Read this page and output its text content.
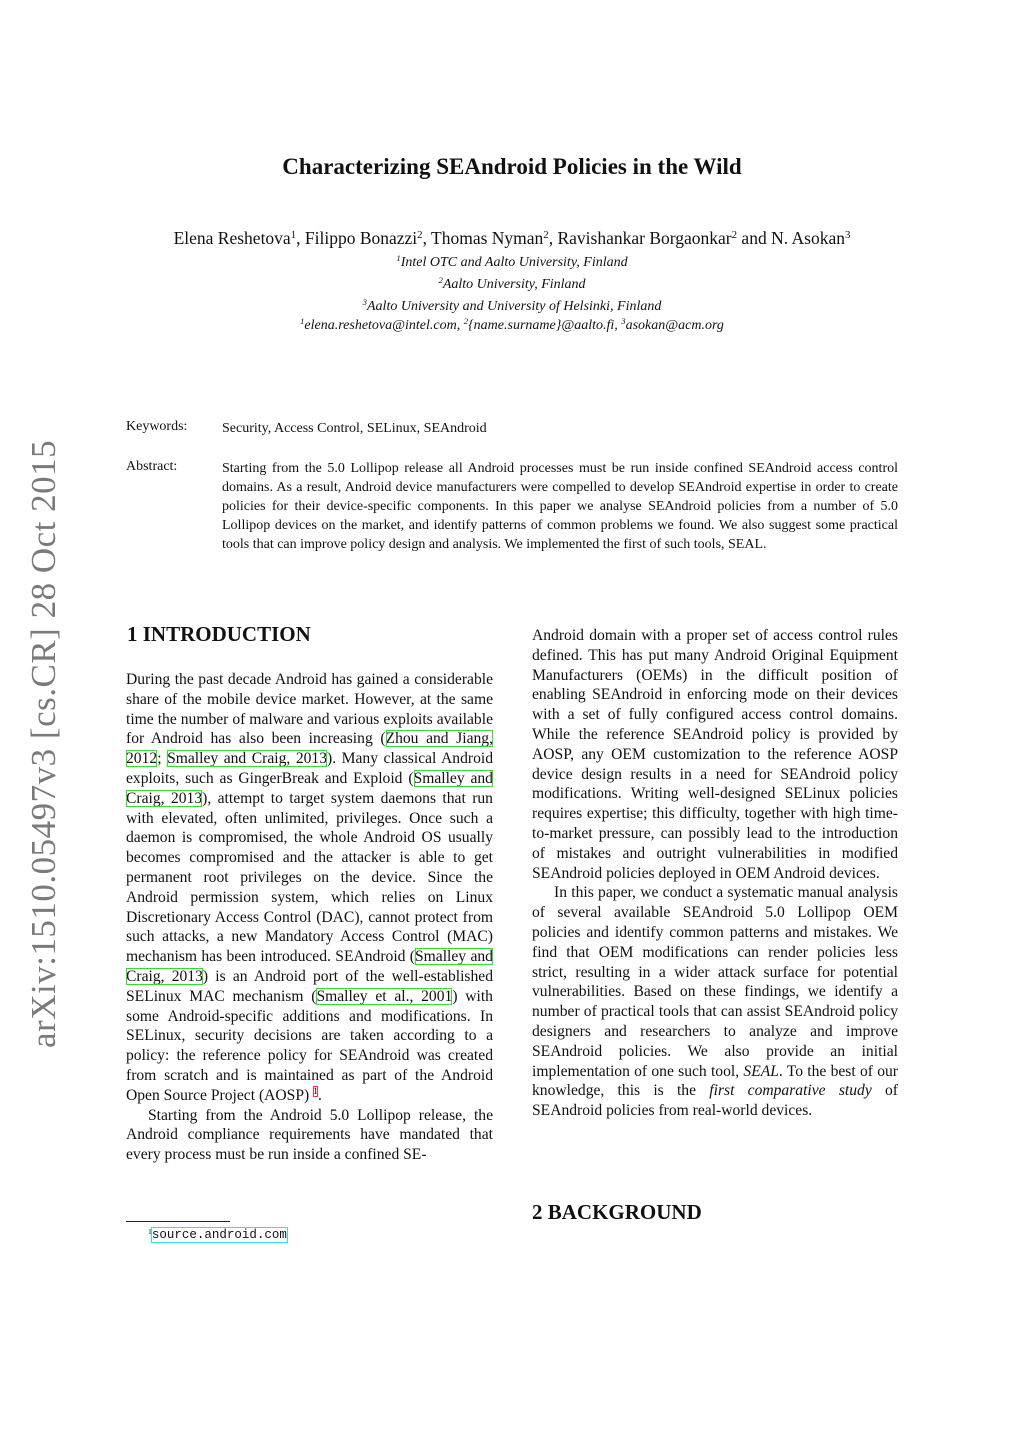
arXiv:1510.05497v3 [cs.CR] 28 Oct 2015
Characterizing SEAndroid Policies in the Wild
Elena Reshetova$^1$, Filippo Bonazzi$^2$, Thomas Nyman$^2$, Ravishankar Borgaonkar$^2$ and N. Asokan$^3$
$^1$Intel OTC and Aalto University, Finland
$^2$Aalto University, Finland
$^3$Aalto University and University of Helsinki, Finland
$^1$elena.reshetova@intel.com, $^2${name.surname}@aalto.fi, $^3$asokan@acm.org
Keywords: Security, Access Control, SELinux, SEAndroid
Abstract:	Starting from the 5.0 Lollipop release all Android processes must be run inside confined SEAndroid access control domains. As a result, Android device manufacturers were compelled to develop SEAndroid expertise in order to create policies for their device-specific components. In this paper we analyse SEAndroid policies from a number of 5.0 Lollipop devices on the market, and identify patterns of common problems we found. We also suggest some practical tools that can improve policy design and analysis. We implemented the first of such tools, SEAL.
1 INTRODUCTION

During the past decade Android has gained a considerable share of the mobile device market. However, at the same time the number of malware and various exploits available for Android has also been increasing (Zhou and Jiang, 2012; Smalley and Craig, 2013). Many classical Android exploits, such as GingerBreak and Exploid (Smalley and Craig, 2013), attempt to target system daemons that run with elevated, often unlimited, privileges. Once such a daemon is compromised, the whole Android OS usually becomes compromised and the attacker is able to get permanent root privileges on the device. Since the Android permission system, which relies on Linux Discretionary Access Control (DAC), cannot protect from such attacks, a new Mandatory Access Control (MAC) mechanism has been introduced. SEAndroid (Smalley and Craig, 2013) is an Android port of the well-established SELinux MAC mechanism (Smalley et al., 2001) with some Android-specific additions and modifications. In SELinux, security decisions are taken according to a policy: the reference policy for SEAndroid was created from scratch and is maintained as part of the Android Open Source Project (AOSP) $^1$.

Starting from the Android 5.0 Lollipop release, the Android compliance requirements have mandated that every process must be run inside a confined SE-

$^1$source.android.com

Android domain with a proper set of access control rules defined. This has put many Android Original Equipment Manufacturers (OEMs) in the difficult position of enabling SEAndroid in enforcing mode on their devices with a set of fully configured access control domains. While the reference SEAndroid policy is provided by AOSP, any OEM customization to the reference AOSP device design results in a need for SEAndroid policy modifications. Writing well-designed SELinux policies requires expertise; this difficulty, together with high time-to-market pressure, can possibly lead to the introduction of mistakes and outright vulnerabilities in modified SEAndroid policies deployed in OEM Android devices.

In this paper, we conduct a systematic manual analysis of several available SEAndroid 5.0 Lollipop OEM policies and identify common patterns and mistakes. We find that OEM modifications can render policies less strict, resulting in a wider attack surface for potential vulnerabilities. Based on these findings, we identify a number of practical tools that can assist SEAndroid policy designers and researchers to analyze and improve SEAndroid policies. We also provide an initial implementation of one such tool, SEAL. To the best of our knowledge, this is the first comparative study of SEAndroid policies from real-world devices.

2 BACKGROUND
